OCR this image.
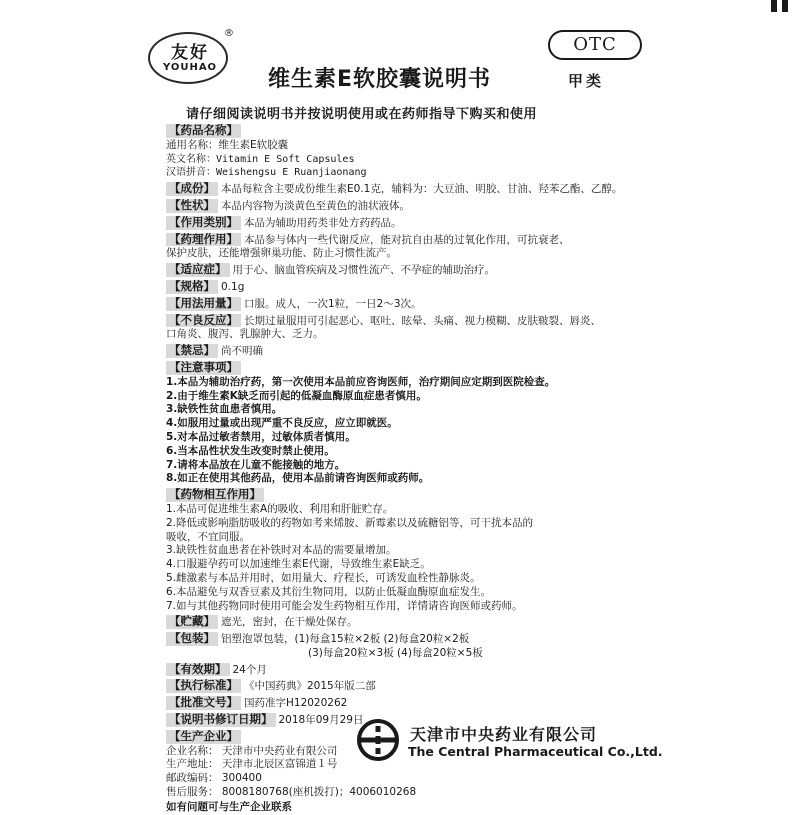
友好
YOUHAO
®
OTC
维生素E软胶囊说明书	甲类
请仔细阅读说明书并按说明使用或在药师指导下购买和使用
【药品名称】
通用名称：维生素E软胶囊
英文名称：Vitamin E Soft Capsules
汉语拼音：Weishengsu E Ruanjiaonang
【成份】 本品每粒含主要成份维生素E0.1克，辅料为：大豆油、明胶、甘油、羟苯乙酯、乙醇。
【性状】 本品内容物为淡黄色至黄色的油状液体。
【作用类别】 本品为辅助用药类非处方药药品。
【药理作用】 本品参与体内一些代谢反应，能对抗自由基的过氧化作用，可抗衰老、
保护皮肤，还能增强卵巢功能、防止习惯性流产。
【适应症】 用于心、脑血管疾病及习惯性流产、不孕症的辅助治疗。
【规格】 0.1g
【用法用量】 口服。成人，一次1粒，一日2～3次。
【不良反应】 长期过量服用可引起恶心、呕吐、眩晕、头痛、视力模糊、皮肤皲裂、唇炎、
口角炎、腹泻、乳腺肿大、乏力。
【禁忌】 尚不明确
【注意事项】
1.本品为辅助治疗药，第一次使用本品前应咨询医师，治疗期间应定期到医院检查。
2.由于维生素K缺乏而引起的低凝血酶原血症患者慎用。
3.缺铁性贫血患者慎用。
4.如服用过量或出现严重不良反应，应立即就医。
5.对本品过敏者禁用，过敏体质者慎用。
6.当本品性状发生改变时禁止使用。
7.请将本品放在儿童不能接触的地方。
8.如正在使用其他药品，使用本品前请咨询医师或药师。
【药物相互作用】
1.本品可促进维生素A的吸收、利用和肝脏贮存。
2.降低或影响脂肪吸收的药物如考来烯胺、新霉素以及硫糖铝等，可干扰本品的
吸收，不宜同服。
3.缺铁性贫血患者在补铁时对本品的需要量增加。
4.口服避孕药可以加速维生素E代谢，导致维生素E缺乏。
5.雌激素与本品并用时，如用量大、疗程长，可诱发血栓性静脉炎。
6.本品避免与双香豆素及其衍生物同用，以防止低凝血酶原血症发生。
7.如与其他药物同时使用可能会发生药物相互作用，详情请咨询医师或药师。
【贮藏】 遮光，密封，在干燥处保存。
【包装】 铝塑泡罩包装，(1)每盒15粒×2板 (2)每盒20粒×2板
(3)每盒20粒×3板 (4)每盒20粒×5板
【有效期】 24个月
【执行标准】 《中国药典》2015年版二部
【批准文号】 国药准字H12020262
【说明书修订日期】 2018年09月29日
【生产企业】
企业名称： 天津市中央药业有限公司
生产地址： 天津市北辰区富锦道１号
邮政编码： 300400
售后服务： 8008180768(座机拨打)；4006010268
如有问题可与生产企业联系
天津市中央药业有限公司
The Central Pharmaceutical Co.,Ltd.
